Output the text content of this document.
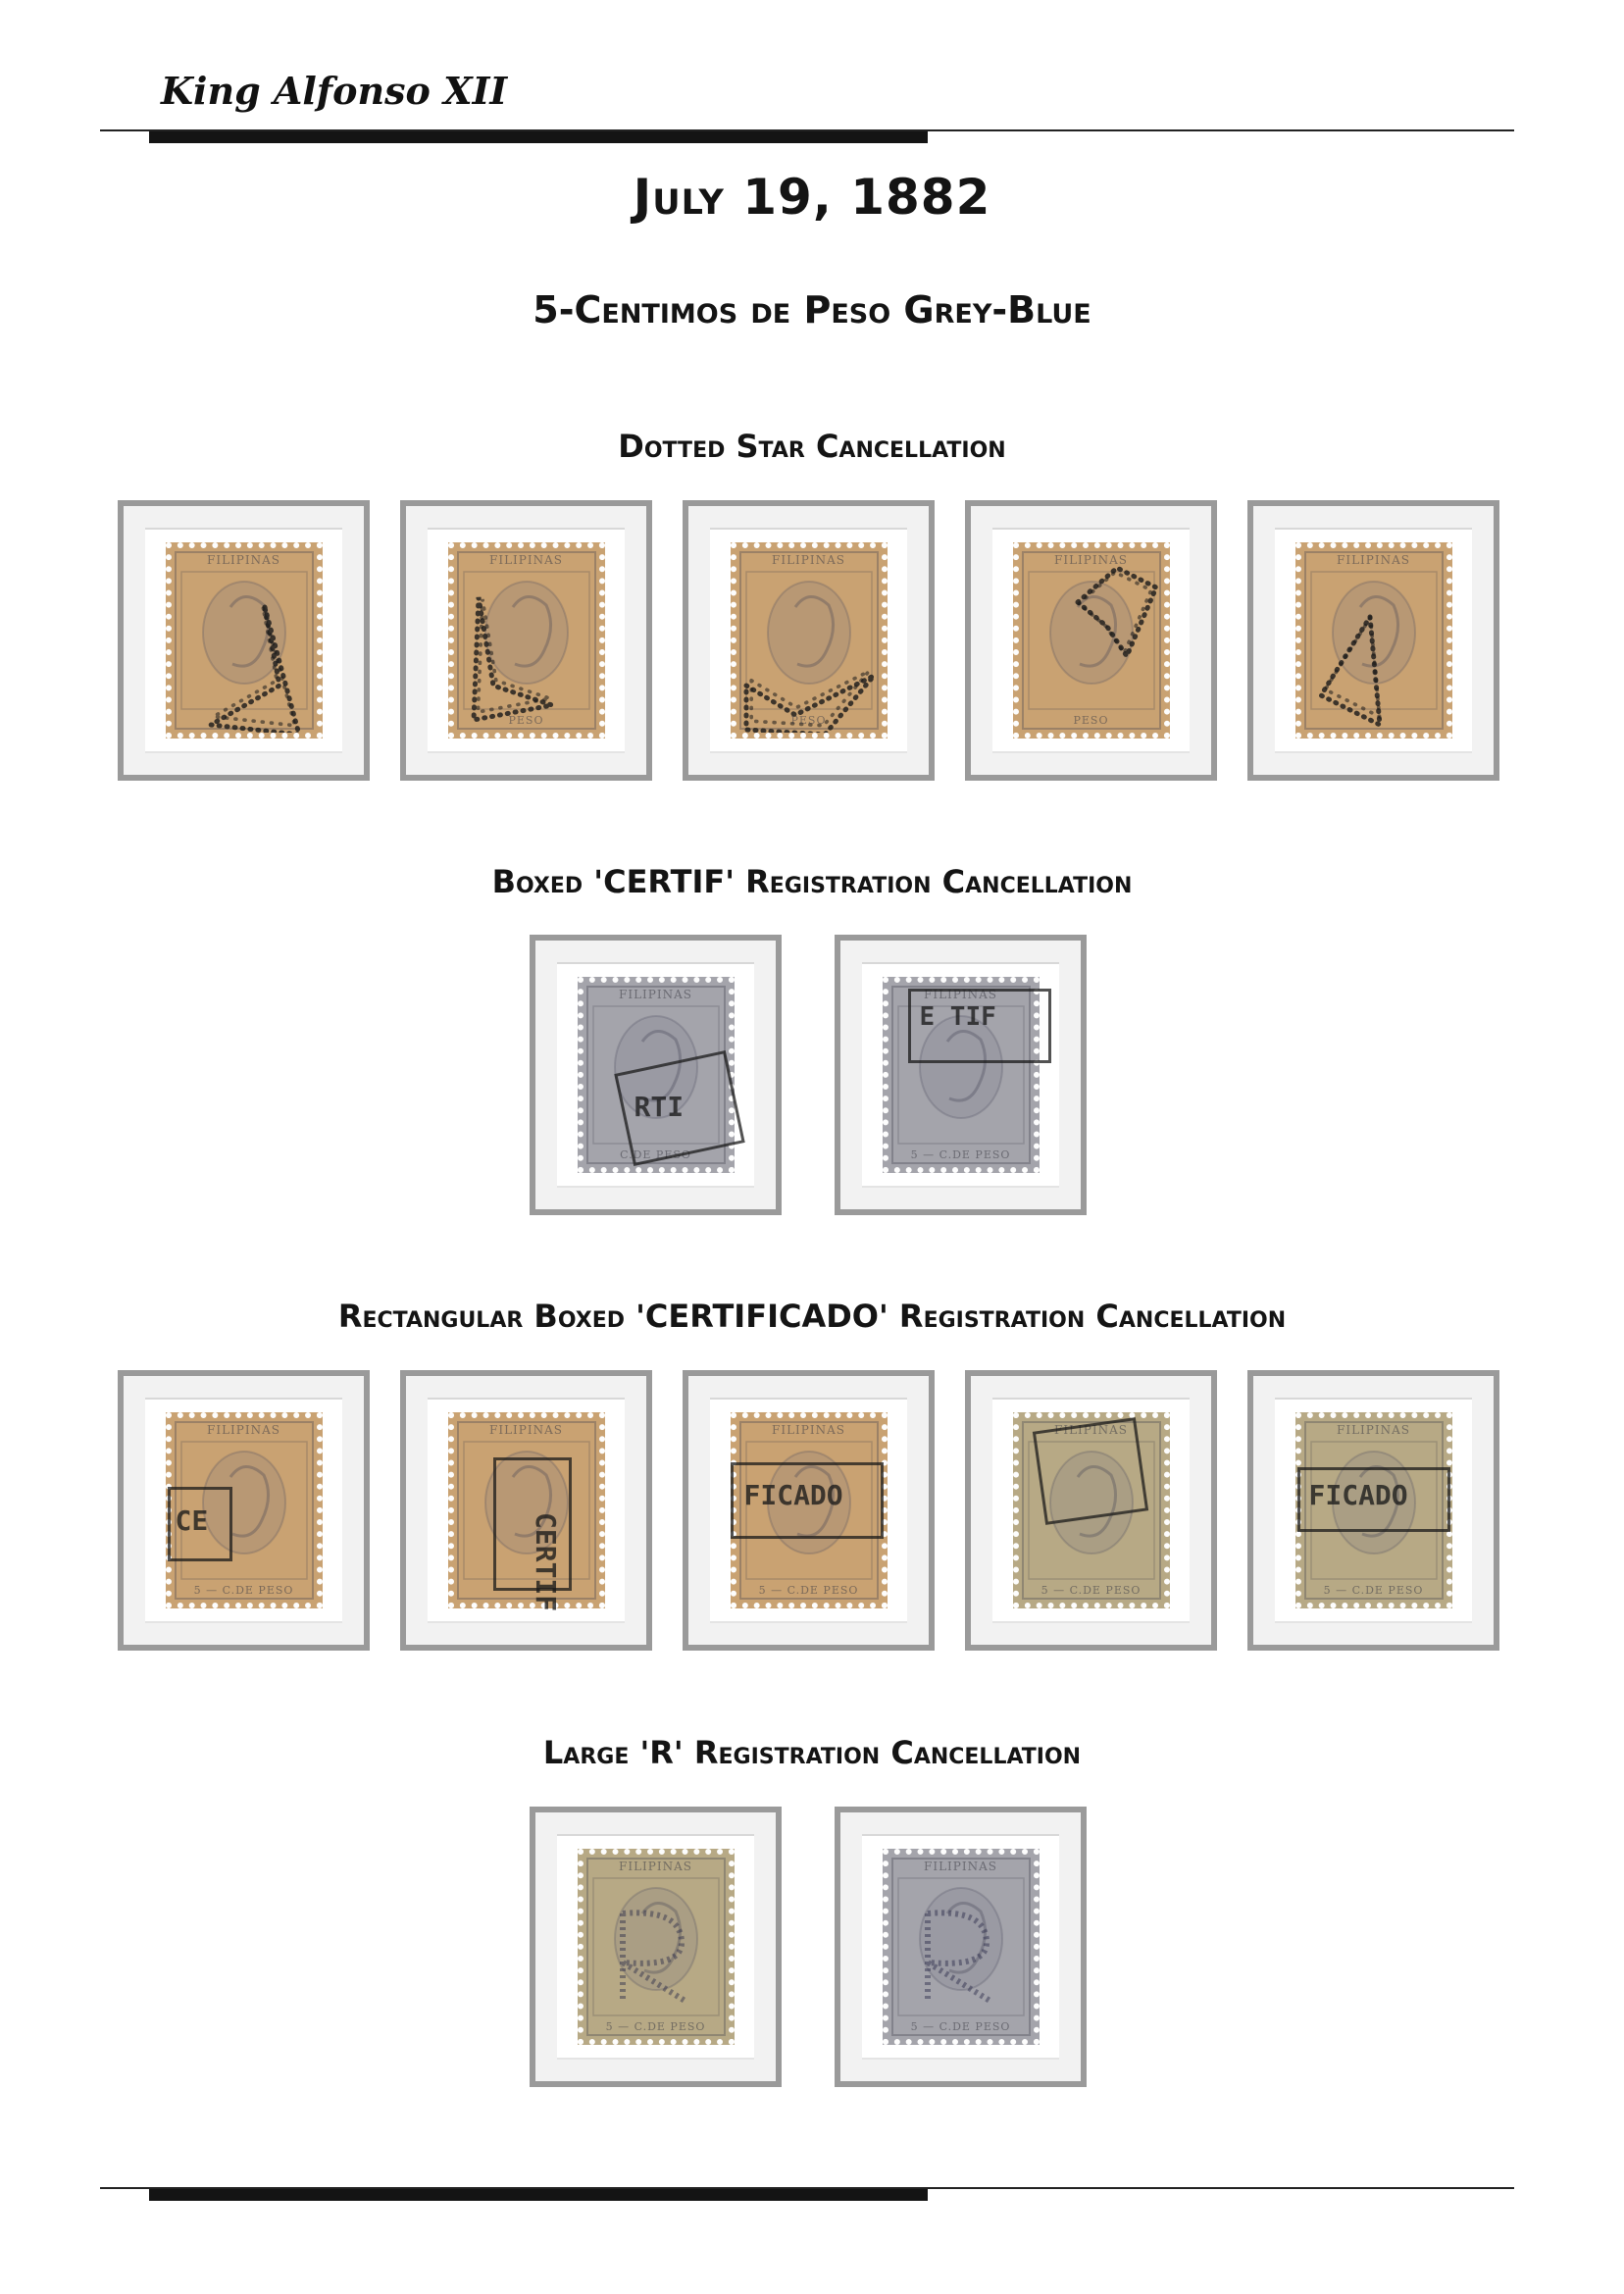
King Alfonso XII
July 19, 1882
5-Centimos de Peso Grey-Blue
Dotted Star Cancellation
Boxed 'CERTIF' Registration Cancellation
Rectangular Boxed 'CERTIFICADO' Registration Cancellation
Large 'R' Registration Cancellation
FILIPINAS	FILIPINAS
PESO
FILIPINAS
PESO
FILIPINAS
PESO
FILIPINAS
FILIPINAS
C.DE PESO
RTI
FILIPINAS
5 — C.DE PESO
E TIF
FILIPINAS
5 — C.DE PESO
CE
FILIPINAS
CERTIF
FILIPINAS
5 — C.DE PESO
FICADO
FILIPINAS
5 — C.DE PESO
FILIPINAS
5 — C.DE PESO
FICADO
FILIPINAS
5 — C.DE PESO
FILIPINAS
5 — C.DE PESO
